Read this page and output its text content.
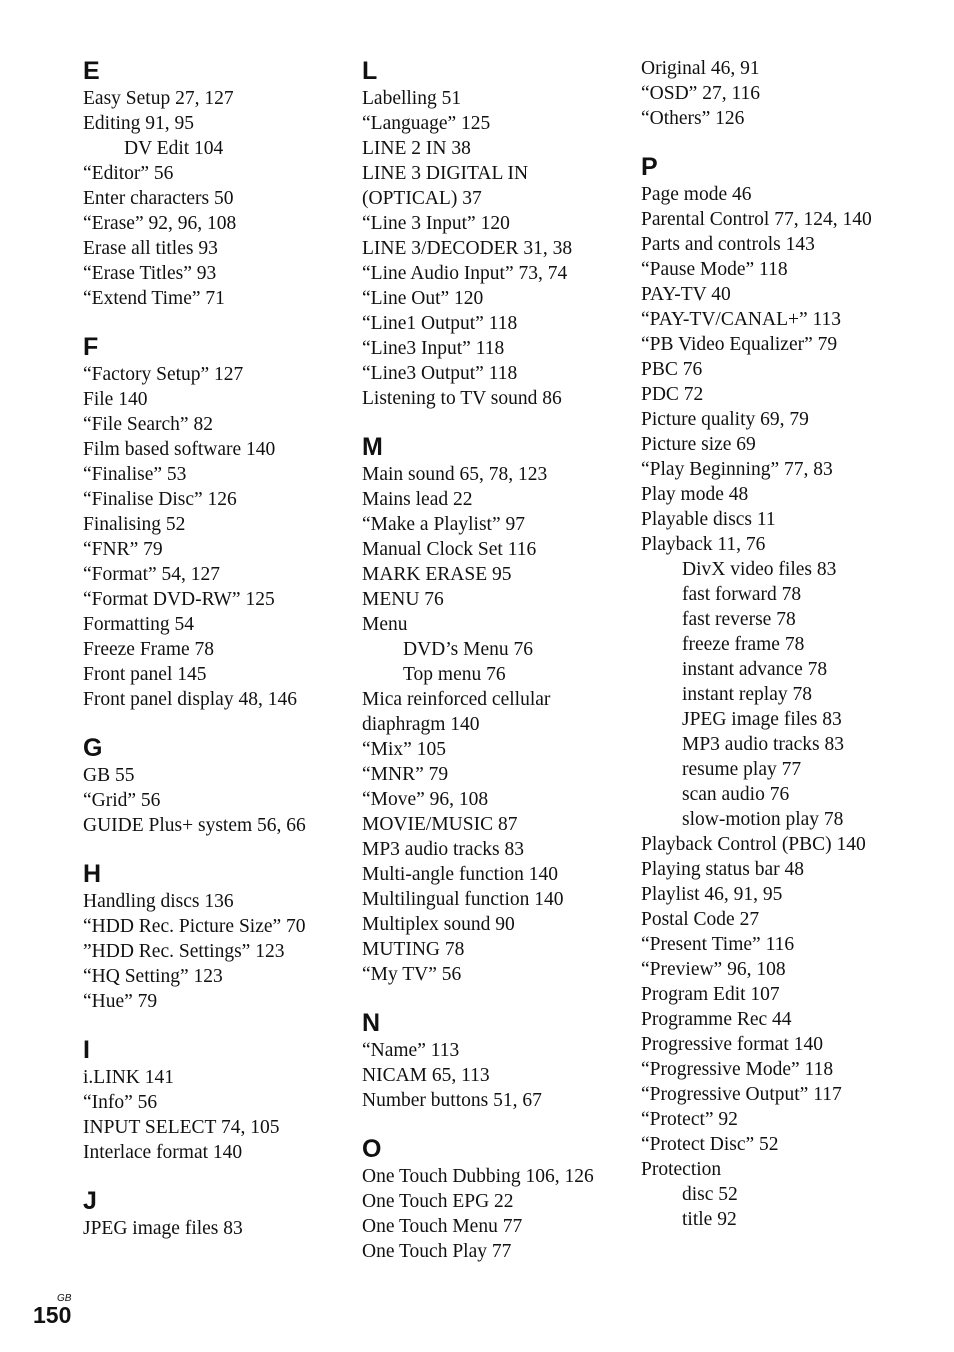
E
Easy Setup 27, 127
Editing 91, 95
DV Edit 104
“Editor” 56
Enter characters 50
“Erase” 92, 96, 108
Erase all titles 93
“Erase Titles” 93
“Extend Time” 71
F
“Factory Setup” 127
File 140
“File Search” 82
Film based software 140
“Finalise” 53
“Finalise Disc” 126
Finalising 52
“FNR” 79
“Format” 54, 127
“Format DVD-RW” 125
Formatting 54
Freeze Frame 78
Front panel 145
Front panel display 48, 146
G
GB 55
“Grid” 56
GUIDE Plus+ system 56, 66
H
Handling discs 136
“HDD Rec. Picture Size” 70
”HDD Rec. Settings” 123
“HQ Setting” 123
“Hue” 79
I
i.LINK 141
“Info” 56
INPUT SELECT 74, 105
Interlace format 140
J
JPEG image files 83
L
Labelling 51
“Language” 125
LINE 2 IN 38
LINE 3 DIGITAL IN
(OPTICAL) 37
“Line 3 Input” 120
LINE 3/DECODER 31, 38
“Line Audio Input” 73, 74
“Line Out” 120
“Line1 Output” 118
“Line3 Input” 118
“Line3 Output” 118
Listening to TV sound 86
M
Main sound 65, 78, 123
Mains lead 22
“Make a Playlist” 97
Manual Clock Set 116
MARK ERASE 95
MENU 76
Menu
DVD’s Menu 76
Top menu 76
Mica reinforced cellular
diaphragm 140
“Mix” 105
“MNR” 79
“Move” 96, 108
MOVIE/MUSIC 87
MP3 audio tracks 83
Multi-angle function 140
Multilingual function 140
Multiplex sound 90
MUTING 78
“My TV” 56
N
“Name” 113
NICAM 65, 113
Number buttons 51, 67
O
One Touch Dubbing 106, 126
One Touch EPG 22
One Touch Menu 77
One Touch Play 77
Original 46, 91
“OSD” 27, 116
“Others” 126
P
Page mode 46
Parental Control 77, 124, 140
Parts and controls 143
“Pause Mode” 118
PAY-TV 40
“PAY-TV/CANAL+” 113
“PB Video Equalizer” 79
PBC 76
PDC 72
Picture quality 69, 79
Picture size 69
“Play Beginning” 77, 83
Play mode 48
Playable discs 11
Playback 11, 76
DivX video files 83
fast forward 78
fast reverse 78
freeze frame 78
instant advance 78
instant replay 78
JPEG image files 83
MP3 audio tracks 83
resume play 77
scan audio 76
slow-motion play 78
Playback Control (PBC) 140
Playing status bar 48
Playlist 46, 91, 95
Postal Code 27
“Present Time” 116
“Preview” 96, 108
Program Edit 107
Programme Rec 44
Progressive format 140
“Progressive Mode” 118
“Progressive Output” 117
“Protect” 92
“Protect Disc” 52
Protection
disc 52
title 92
GB
150
